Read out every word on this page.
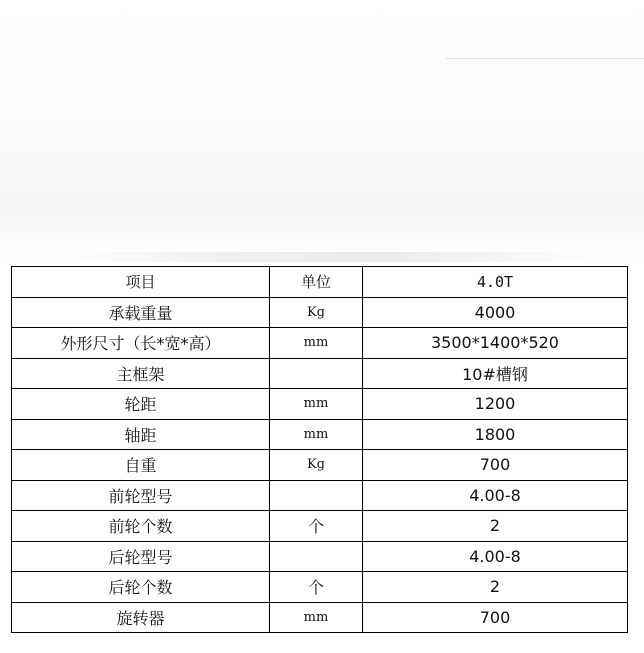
项目	单位	4.0T
承载重量	Kg	4000
外形尺寸（长*宽*高）	mm	3500*1400*520
主框架		10#槽钢
轮距	mm	1200
轴距	mm	1800
自重	Kg	700
前轮型号		4.00-8
前轮个数	个	2
后轮型号		4.00-8
后轮个数	个	2
旋转器	mm	700
